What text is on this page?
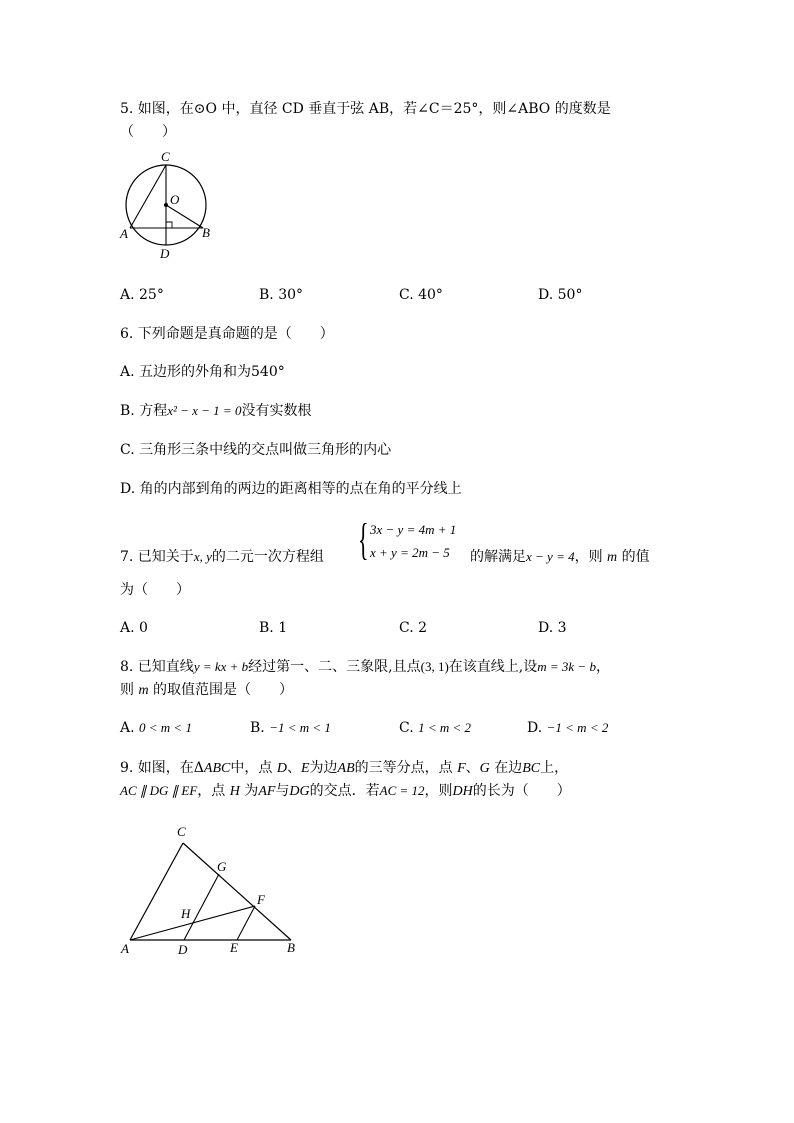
5. 如图，在⊙O 中，直径 CD 垂直于弦 AB，若∠C＝25°，则∠ABO 的度数是
（　　）
C
O
A	B
D
A. 25°	B. 30°	C. 40°	D. 50°
6. 下列命题是真命题的是（　　）
A. 五边形的外角和为540°
B. 方程x² − x − 1 = 0没有实数根
C. 三角形三条中线的交点叫做三角形的内心
D. 角的内部到角的两边的距离相等的点在角的平分线上
{ 3x − y = 4m + 1
x + y = 2m − 5
7. 已知关于x, y的二元一次方程组	的解满足x − y = 4，则 m 的值
为（　　）
A. 0	B. 1	C. 2	D. 3
8. 已知直线y = kx + b经过第一、二、三象限,且点(3, 1)在该直线上,设m = 3k − b，
则 m 的取值范围是（　　）
A. 0 < m < 1	B. −1 < m < 1	C. 1 < m < 2	D. −1 < m < 2
9. 如图，在ΔABC中，点 D、E为边AB的三等分点，点 F、G 在边BC上，
AC ∥ DG ∥ EF，点 H 为AF与DG的交点．若AC = 12，则DH的长为（　　）
C
G
H
F
A	D	E	B
